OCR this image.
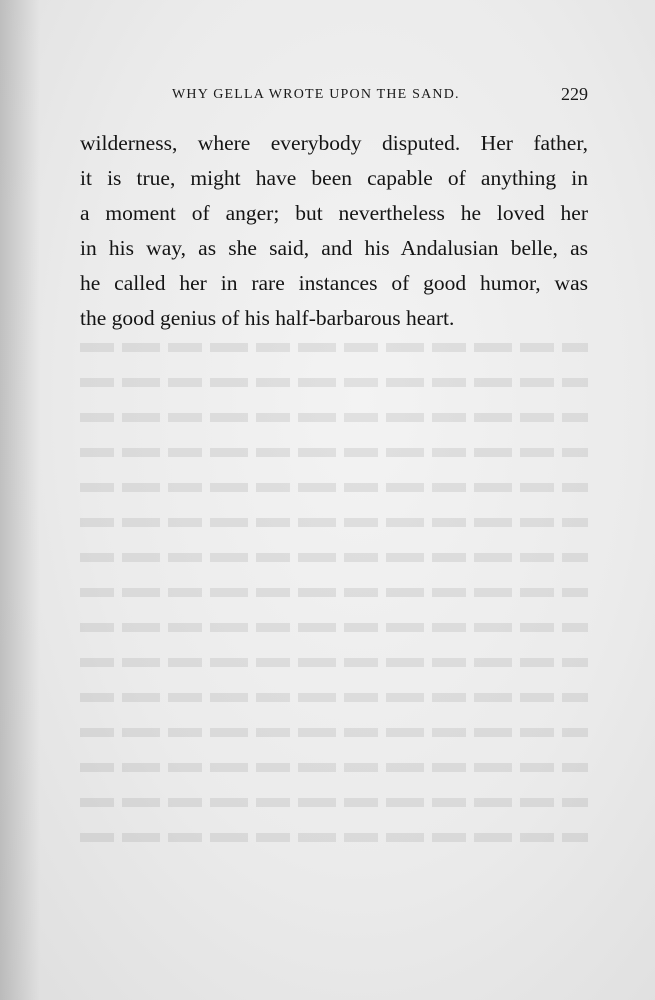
WHY GELLA WROTE UPON THE SAND.	229
wilderness, where everybody disputed. Her father,
it is true, might have been capable of anything in
a moment of anger; but nevertheless he loved her
in his way, as she said, and his Andalusian belle, as
he called her in rare instances of good humor, was
the good genius of his half-barbarous heart.
